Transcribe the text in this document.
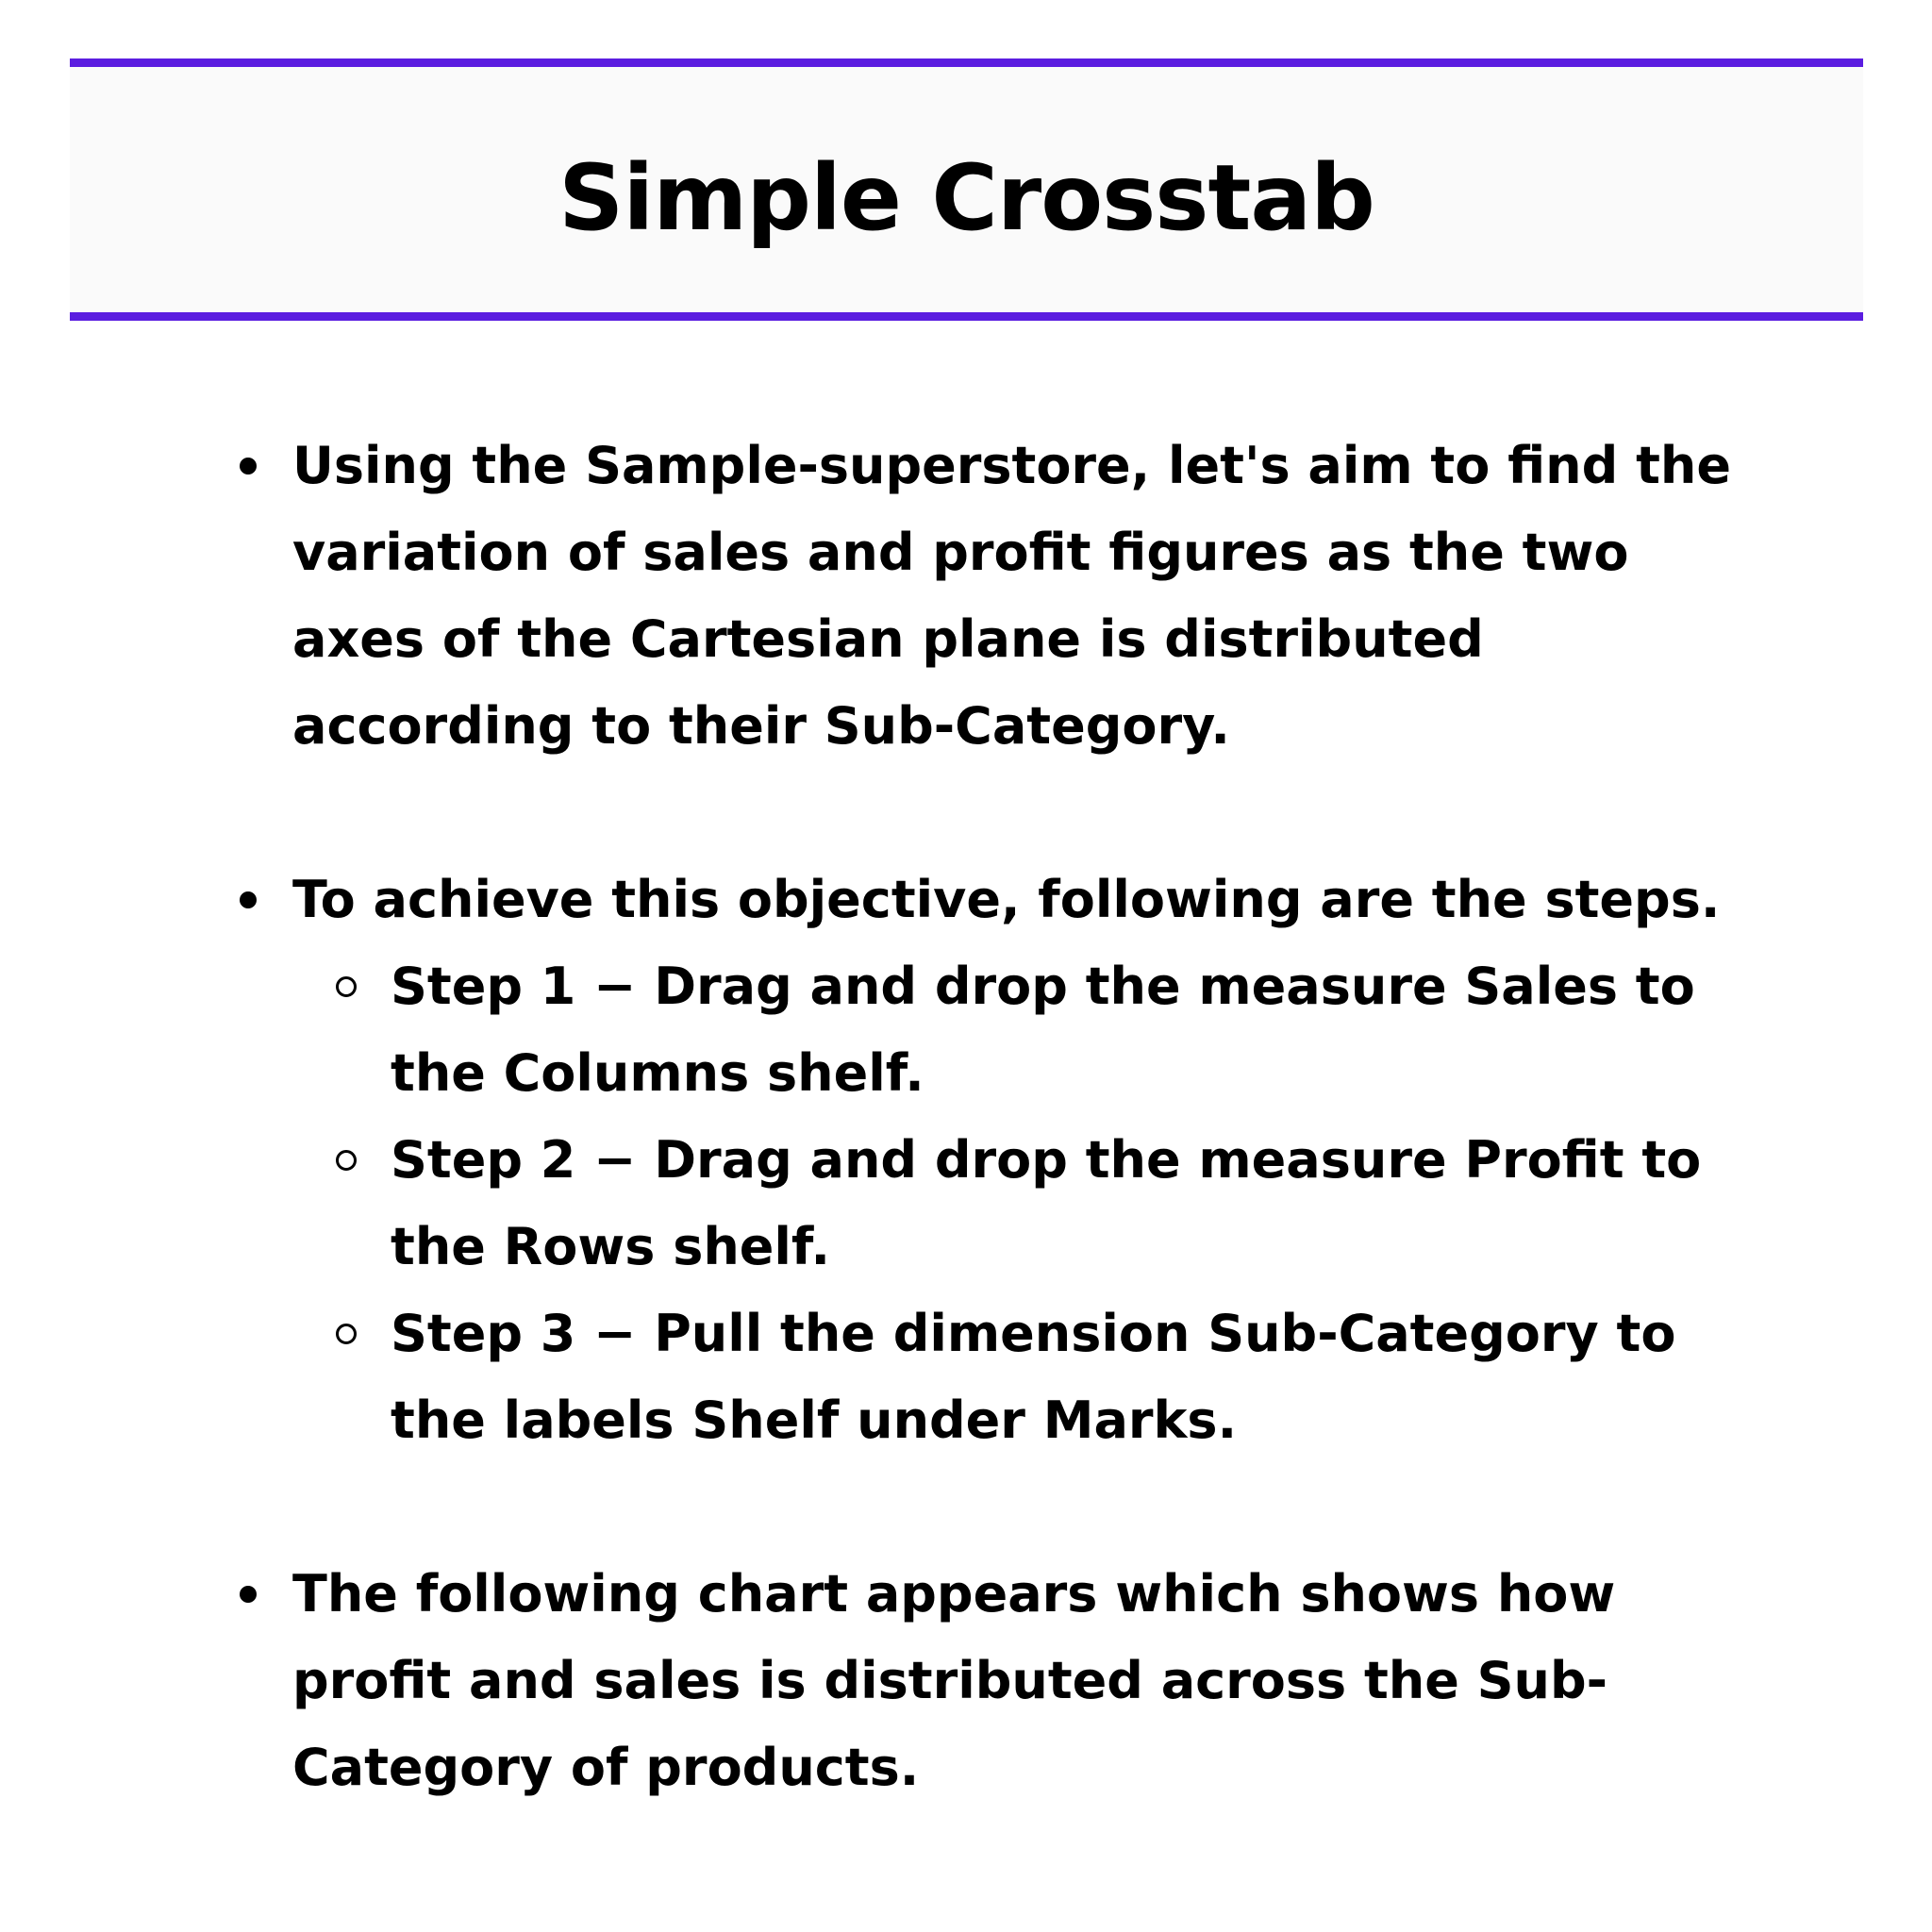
Simple Crosstab
Using the Sample-superstore, let's aim to find the variation of sales and profit figures as the two axes of the Cartesian plane is distributed according to their Sub-Category.
To achieve this objective, following are the steps.
Step 1 − Drag and drop the measure Sales to the Columns shelf.
Step 2 − Drag and drop the measure Profit to the Rows shelf.
Step 3 − Pull the dimension Sub-Category to the labels Shelf under Marks.
The following chart appears which shows how profit and sales is distributed across the Sub-Category of products.
